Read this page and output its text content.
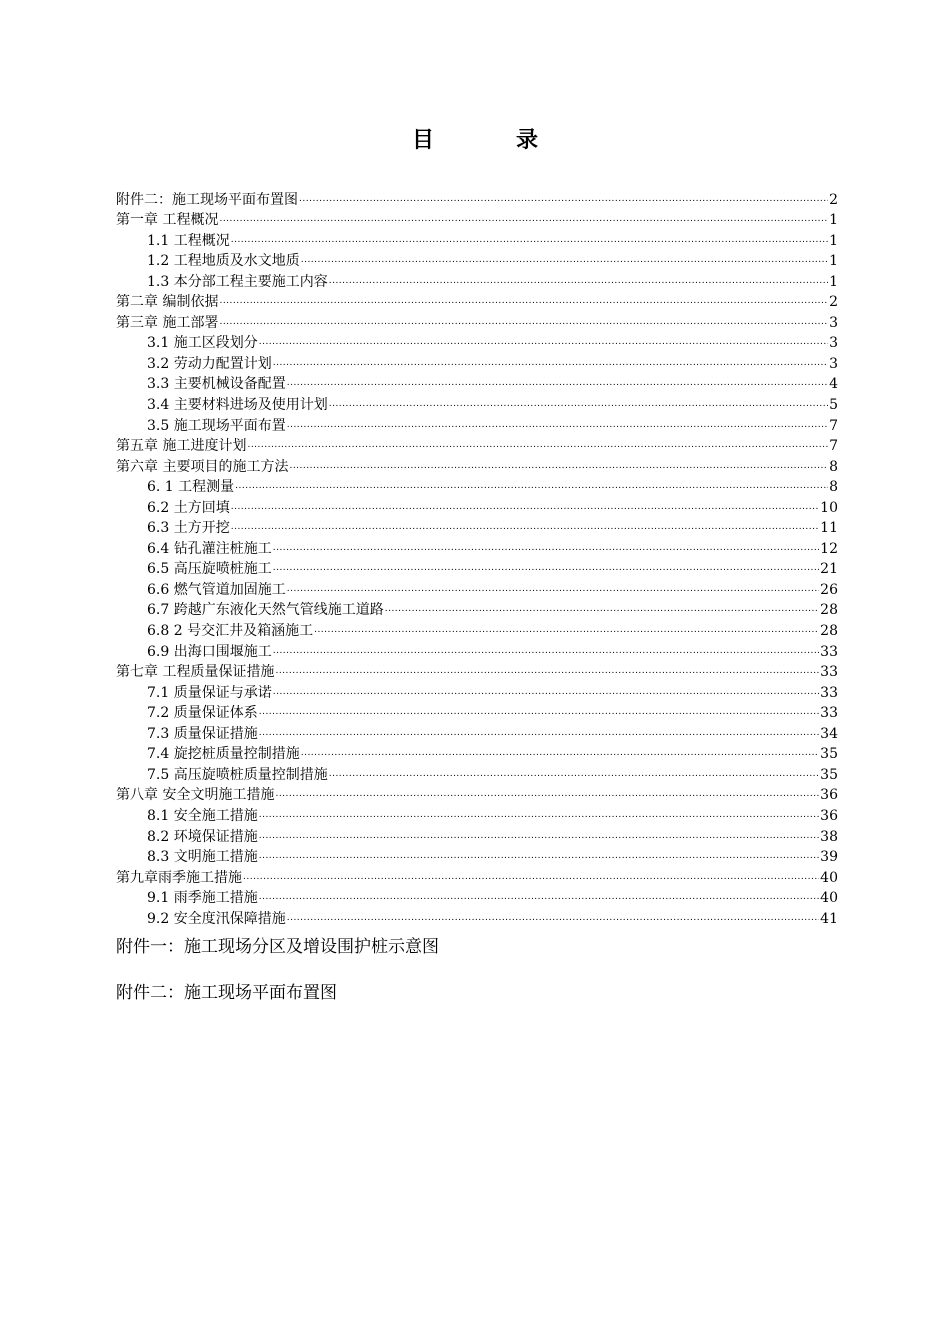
目　录
附件二：施工现场平面布置图 .....	2
第一章 工程概况 .....	1
1.1 工程概况 .....	1
1.2 工程地质及水文地质 .....	1
1.3 本分部工程主要施工内容 .....	1
第二章 编制依据 .....	2
第三章 施工部署 .....	3
3.1 施工区段划分 .....	3
3.2 劳动力配置计划 .....	3
3.3 主要机械设备配置 .....	4
3.4 主要材料进场及使用计划 .....	5
3.5 施工现场平面布置 .....	7
第五章 施工进度计划 .....	7
第六章 主要项目的施工方法 .....	8
6. 1 工程测量 .....	8
6.2 土方回填 .....	10
6.3 土方开挖 .....	11
6.4 钻孔灌注桩施工 .....	12
6.5 高压旋喷桩施工 .....	21
6.6 燃气管道加固施工 .....	26
6.7 跨越广东液化天然气管线施工道路 .....	28
6.8 2 号交汇井及箱涵施工 .....	28
6.9 出海口围堰施工 .....	33
第七章 工程质量保证措施 .....	33
7.1 质量保证与承诺 .....	33
7.2 质量保证体系 .....	33
7.3 质量保证措施 .....	34
7.4 旋挖桩质量控制措施 .....	35
7.5 高压旋喷桩质量控制措施 .....	35
第八章 安全文明施工措施 .....	36
8.1 安全施工措施 .....	36
8.2 环境保证措施 .....	38
8.3 文明施工措施 .....	39
第九章雨季施工措施 .....	40
9.1 雨季施工措施 .....	40
9.2 安全度汛保障措施 .....	41
附件一：施工现场分区及增设围护桩示意图
附件二：施工现场平面布置图
